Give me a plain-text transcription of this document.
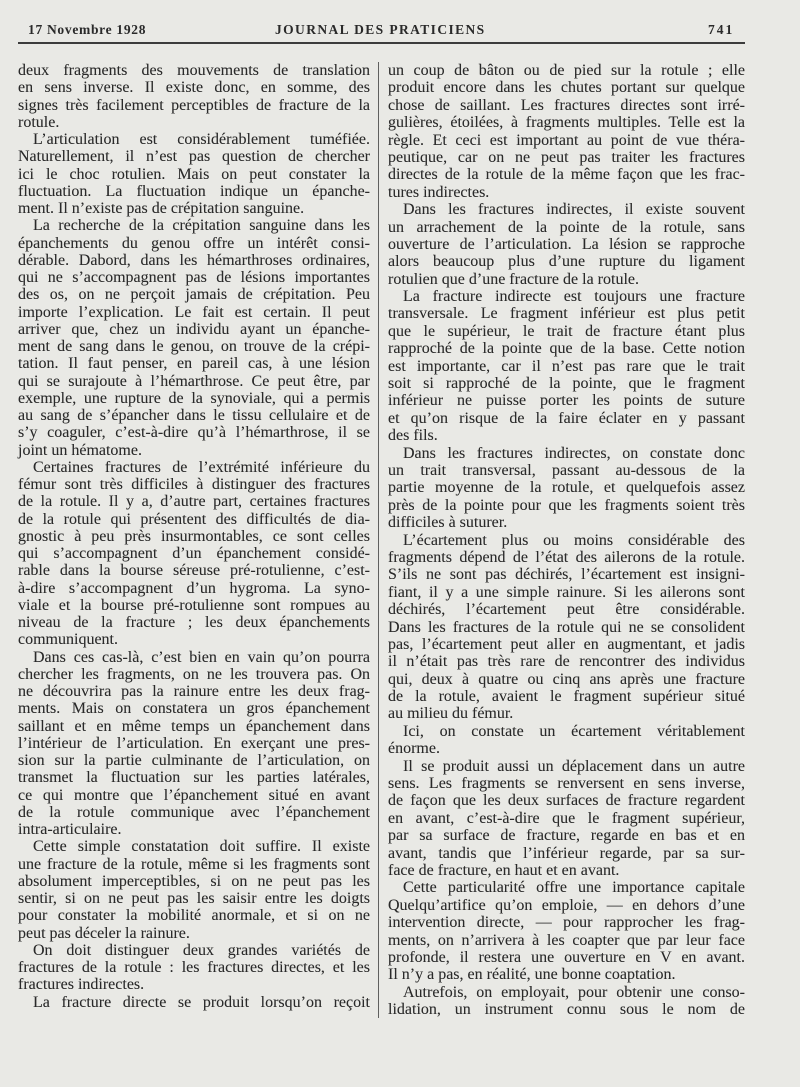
17 Novembre 1928	JOURNAL DES PRATICIENS	741
deux fragments des mouvements de translation
en sens inverse. Il existe donc, en somme, des
signes très facilement perceptibles de fracture de la
rotule.
L’articulation est considérablement tuméfiée.
Naturellement, il n’est pas question de chercher
ici le choc rotulien. Mais on peut constater la
fluctuation. La fluctuation indique un épanche-
ment. Il n’existe pas de crépitation sanguine.
La recherche de la crépitation sanguine dans les
épanchements du genou offre un intérêt consi-
dérable. Dabord, dans les hémarthroses ordinaires,
qui ne s’accompagnent pas de lésions importantes
des os, on ne perçoit jamais de crépitation. Peu
importe l’explication. Le fait est certain. Il peut
arriver que, chez un individu ayant un épanche-
ment de sang dans le genou, on trouve de la crépi-
tation. Il faut penser, en pareil cas, à une lésion
qui se surajoute à l’hémarthrose. Ce peut être, par
exemple, une rupture de la synoviale, qui a permis
au sang de s’épancher dans le tissu cellulaire et de
s’y coaguler, c’est-à-dire qu’à l’hémarthrose, il se
joint un hématome.
Certaines fractures de l’extrémité inférieure du
fémur sont très difficiles à distinguer des fractures
de la rotule. Il y a, d’autre part, certaines fractures
de la rotule qui présentent des difficultés de dia-
gnostic à peu près insurmontables, ce sont celles
qui s’accompagnent d’un épanchement considé-
rable dans la bourse séreuse pré-rotulienne, c’est-
à-dire s’accompagnent d’un hygroma. La syno-
viale et la bourse pré-rotulienne sont rompues au
niveau de la fracture ; les deux épanchements
communiquent.
Dans ces cas-là, c’est bien en vain qu’on pourra
chercher les fragments, on ne les trouvera pas. On
ne découvrira pas la rainure entre les deux frag-
ments. Mais on constatera un gros épanchement
saillant et en même temps un épanchement dans
l’intérieur de l’articulation. En exerçant une pres-
sion sur la partie culminante de l’articulation, on
transmet la fluctuation sur les parties latérales,
ce qui montre que l’épanchement situé en avant
de la rotule communique avec l’épanchement
intra-articulaire.
Cette simple constatation doit suffire. Il existe
une fracture de la rotule, même si les fragments sont
absolument imperceptibles, si on ne peut pas les
sentir, si on ne peut pas les saisir entre les doigts
pour constater la mobilité anormale, et si on ne
peut pas déceler la rainure.
On doit distinguer deux grandes variétés de
fractures de la rotule : les fractures directes, et les
fractures indirectes.
La fracture directe se produit lorsqu’on reçoit
un coup de bâton ou de pied sur la rotule ; elle
produit encore dans les chutes portant sur quelque
chose de saillant. Les fractures directes sont irré-
gulières, étoilées, à fragments multiples. Telle est la
règle. Et ceci est important au point de vue théra-
peutique, car on ne peut pas traiter les fractures
directes de la rotule de la même façon que les frac-
tures indirectes.
Dans les fractures indirectes, il existe souvent
un arrachement de la pointe de la rotule, sans
ouverture de l’articulation. La lésion se rapproche
alors beaucoup plus d’une rupture du ligament
rotulien que d’une fracture de la rotule.
La fracture indirecte est toujours une fracture
transversale. Le fragment inférieur est plus petit
que le supérieur, le trait de fracture étant plus
rapproché de la pointe que de la base. Cette notion
est importante, car il n’est pas rare que le trait
soit si rapproché de la pointe, que le fragment
inférieur ne puisse porter les points de suture
et qu’on risque de la faire éclater en y passant
des fils.
Dans les fractures indirectes, on constate donc
un trait transversal, passant au-dessous de la
partie moyenne de la rotule, et quelquefois assez
près de la pointe pour que les fragments soient très
difficiles à suturer.
L’écartement plus ou moins considérable des
fragments dépend de l’état des ailerons de la rotule.
S’ils ne sont pas déchirés, l’écartement est insigni-
fiant, il y a une simple rainure. Si les ailerons sont
déchirés, l’écartement peut être considérable.
Dans les fractures de la rotule qui ne se consolident
pas, l’écartement peut aller en augmentant, et jadis
il n’était pas très rare de rencontrer des individus
qui, deux à quatre ou cinq ans après une fracture
de la rotule, avaient le fragment supérieur situé
au milieu du fémur.
Ici, on constate un écartement véritablement
énorme.
Il se produit aussi un déplacement dans un autre
sens. Les fragments se renversent en sens inverse,
de façon que les deux surfaces de fracture regardent
en avant, c’est-à-dire que le fragment supérieur,
par sa surface de fracture, regarde en bas et en
avant, tandis que l’inférieur regarde, par sa sur-
face de fracture, en haut et en avant.
Cette particularité offre une importance capitale
Quelqu’artifice qu’on emploie, — en dehors d’une
intervention directe, — pour rapprocher les frag-
ments, on n’arrivera à les coapter que par leur face
profonde, il restera une ouverture en V en avant.
Il n’y a pas, en réalité, une bonne coaptation.
Autrefois, on employait, pour obtenir une conso-
lidation, un instrument connu sous le nom de
